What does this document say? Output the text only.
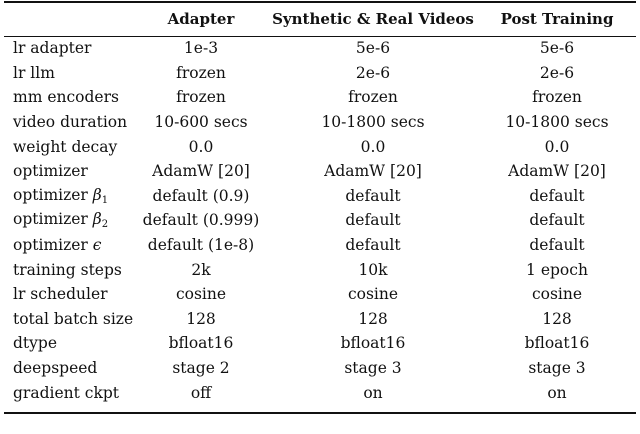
	Adapter	Synthetic & Real Videos	Post Training

lr adapter	1e-3	5e-6	5e-6
lr llm	frozen	2e-6	2e-6
mm encoders	frozen	frozen	frozen
video duration	10-600 secs	10-1800 secs	10-1800 secs
weight decay	0.0	0.0	0.0
optimizer	AdamW [20]	AdamW [20]	AdamW [20]
optimizer $\beta_1$	default (0.9)	default	default
optimizer $\beta_2$	default (0.999)	default	default
optimizer ϵ	default (1e-8)	default	default
training steps	2k	10k	1 epoch
lr scheduler	cosine	cosine	cosine
total batch size	128	128	128
dtype	bfloat16	bfloat16	bfloat16
deepspeed	stage 2	stage 3	stage 3
gradient ckpt	off	on	on
